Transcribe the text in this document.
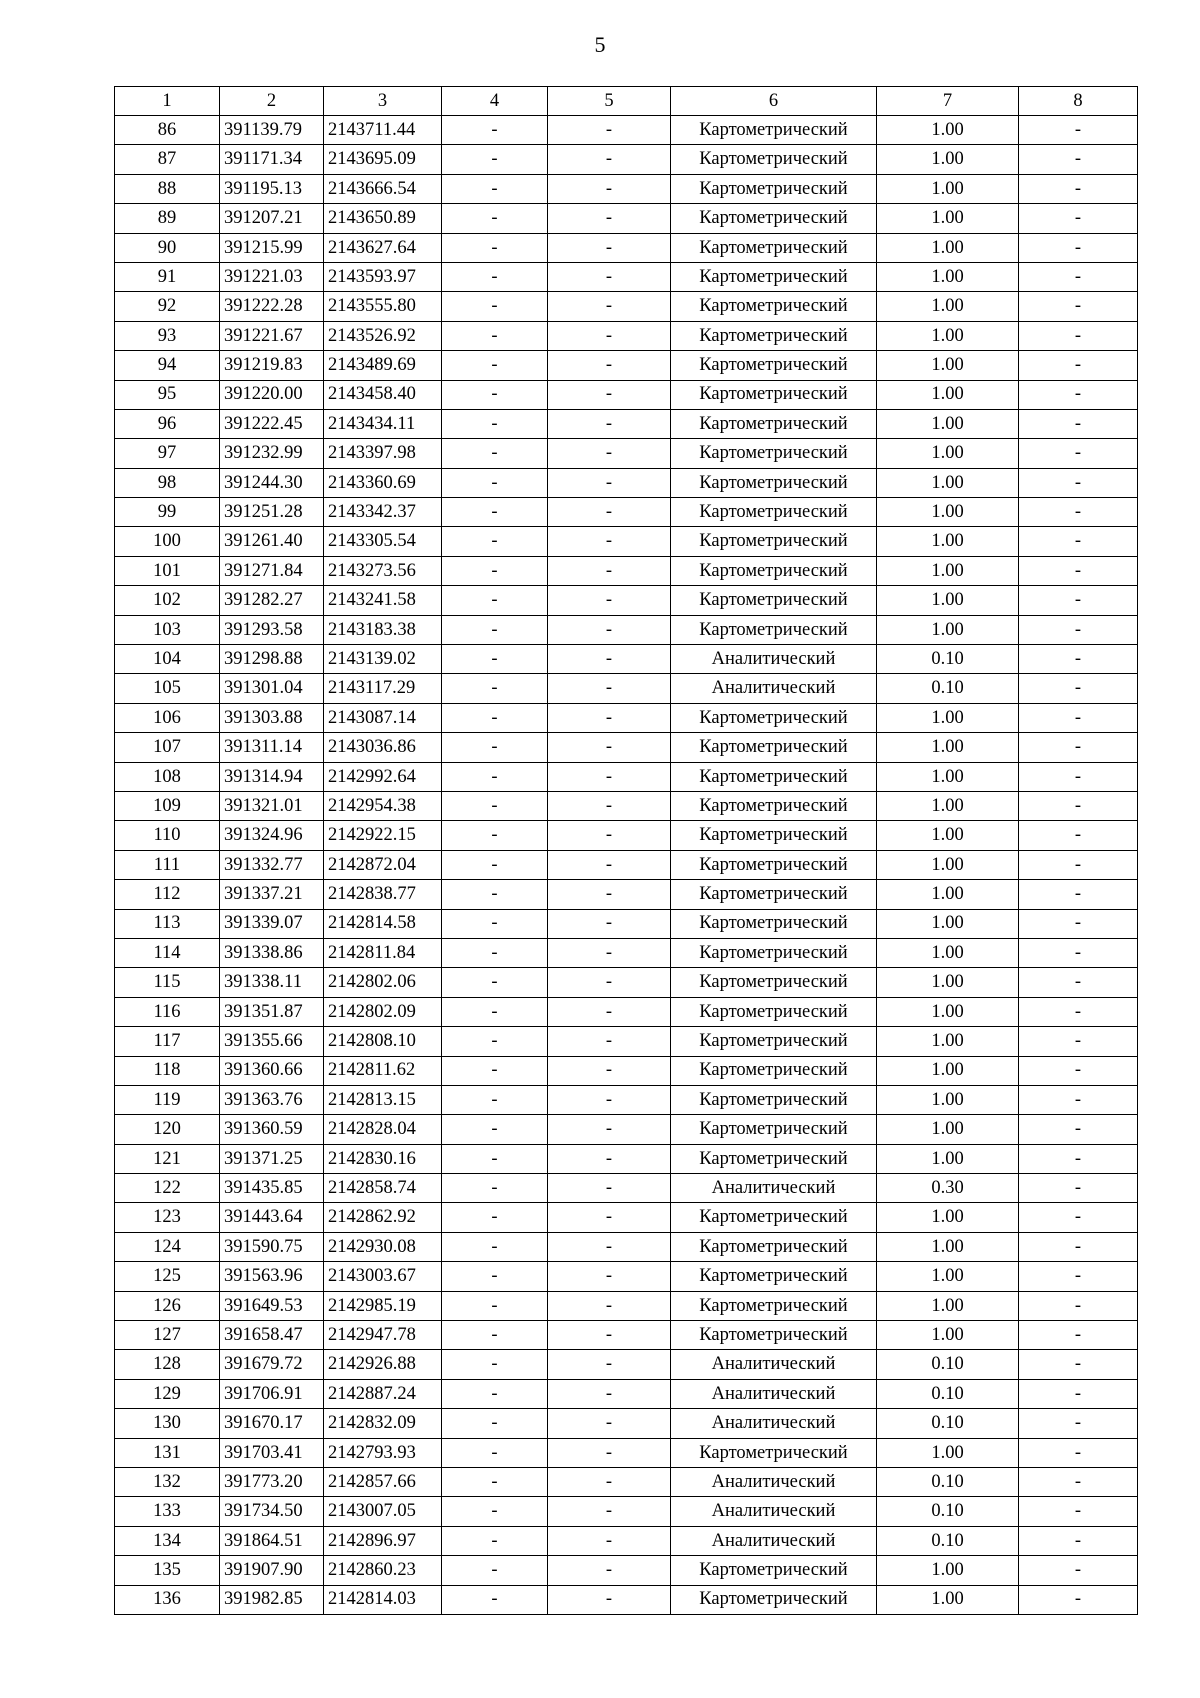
5
1	2	3	4	5	6	7	8
86	391139.79	2143711.44	-	-	Картометрический	1.00	-
87	391171.34	2143695.09	-	-	Картометрический	1.00	-
88	391195.13	2143666.54	-	-	Картометрический	1.00	-
89	391207.21	2143650.89	-	-	Картометрический	1.00	-
90	391215.99	2143627.64	-	-	Картометрический	1.00	-
91	391221.03	2143593.97	-	-	Картометрический	1.00	-
92	391222.28	2143555.80	-	-	Картометрический	1.00	-
93	391221.67	2143526.92	-	-	Картометрический	1.00	-
94	391219.83	2143489.69	-	-	Картометрический	1.00	-
95	391220.00	2143458.40	-	-	Картометрический	1.00	-
96	391222.45	2143434.11	-	-	Картометрический	1.00	-
97	391232.99	2143397.98	-	-	Картометрический	1.00	-
98	391244.30	2143360.69	-	-	Картометрический	1.00	-
99	391251.28	2143342.37	-	-	Картометрический	1.00	-
100	391261.40	2143305.54	-	-	Картометрический	1.00	-
101	391271.84	2143273.56	-	-	Картометрический	1.00	-
102	391282.27	2143241.58	-	-	Картометрический	1.00	-
103	391293.58	2143183.38	-	-	Картометрический	1.00	-
104	391298.88	2143139.02	-	-	Аналитический	0.10	-
105	391301.04	2143117.29	-	-	Аналитический	0.10	-
106	391303.88	2143087.14	-	-	Картометрический	1.00	-
107	391311.14	2143036.86	-	-	Картометрический	1.00	-
108	391314.94	2142992.64	-	-	Картометрический	1.00	-
109	391321.01	2142954.38	-	-	Картометрический	1.00	-
110	391324.96	2142922.15	-	-	Картометрический	1.00	-
111	391332.77	2142872.04	-	-	Картометрический	1.00	-
112	391337.21	2142838.77	-	-	Картометрический	1.00	-
113	391339.07	2142814.58	-	-	Картометрический	1.00	-
114	391338.86	2142811.84	-	-	Картометрический	1.00	-
115	391338.11	2142802.06	-	-	Картометрический	1.00	-
116	391351.87	2142802.09	-	-	Картометрический	1.00	-
117	391355.66	2142808.10	-	-	Картометрический	1.00	-
118	391360.66	2142811.62	-	-	Картометрический	1.00	-
119	391363.76	2142813.15	-	-	Картометрический	1.00	-
120	391360.59	2142828.04	-	-	Картометрический	1.00	-
121	391371.25	2142830.16	-	-	Картометрический	1.00	-
122	391435.85	2142858.74	-	-	Аналитический	0.30	-
123	391443.64	2142862.92	-	-	Картометрический	1.00	-
124	391590.75	2142930.08	-	-	Картометрический	1.00	-
125	391563.96	2143003.67	-	-	Картометрический	1.00	-
126	391649.53	2142985.19	-	-	Картометрический	1.00	-
127	391658.47	2142947.78	-	-	Картометрический	1.00	-
128	391679.72	2142926.88	-	-	Аналитический	0.10	-
129	391706.91	2142887.24	-	-	Аналитический	0.10	-
130	391670.17	2142832.09	-	-	Аналитический	0.10	-
131	391703.41	2142793.93	-	-	Картометрический	1.00	-
132	391773.20	2142857.66	-	-	Аналитический	0.10	-
133	391734.50	2143007.05	-	-	Аналитический	0.10	-
134	391864.51	2142896.97	-	-	Аналитический	0.10	-
135	391907.90	2142860.23	-	-	Картометрический	1.00	-
136	391982.85	2142814.03	-	-	Картометрический	1.00	-
